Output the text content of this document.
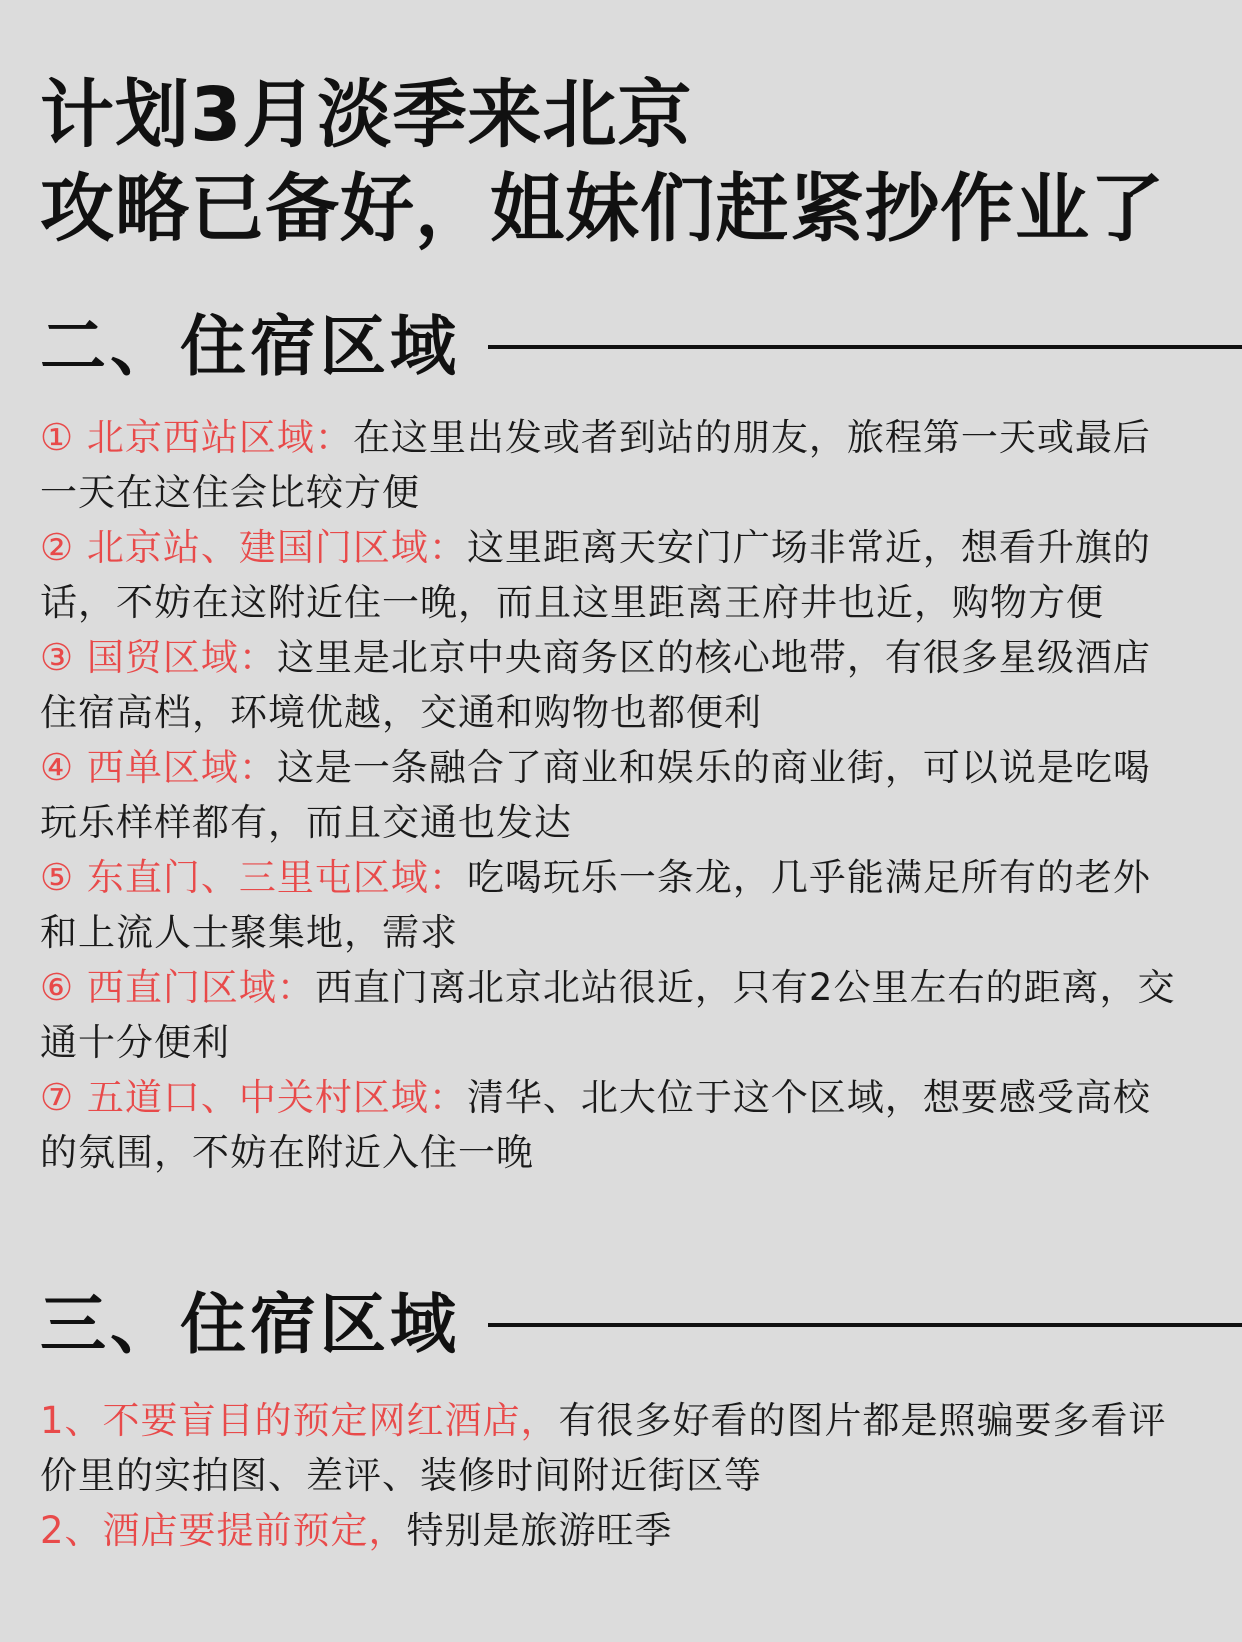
计划3月淡季来北京
攻略已备好，姐妹们赶紧抄作业了
二、住宿区域
① 北京西站区域：在这里出发或者到站的朋友，旅程第一天或最后一天在这住会比较方便
② 北京站、建国门区域：这里距离天安门广场非常近，想看升旗的话，不妨在这附近住一晚，而且这里距离王府井也近，购物方便
③ 国贸区域：这里是北京中央商务区的核心地带，有很多星级酒店住宿高档，环境优越，交通和购物也都便利
④ 西单区域：这是一条融合了商业和娱乐的商业街，可以说是吃喝玩乐样样都有，而且交通也发达
⑤ 东直门、三里屯区域：吃喝玩乐一条龙，几乎能满足所有的老外和上流人士聚集地，需求
⑥ 西直门区域：西直门离北京北站很近，只有2公里左右的距离，交通十分便利
⑦ 五道口、中关村区域：清华、北大位于这个区域，想要感受高校的氛围，不妨在附近入住一晚
三、住宿区域
1、不要盲目的预定网红酒店，有很多好看的图片都是照骗要多看评价里的实拍图、差评、装修时间附近街区等
2、酒店要提前预定，特别是旅游旺季
